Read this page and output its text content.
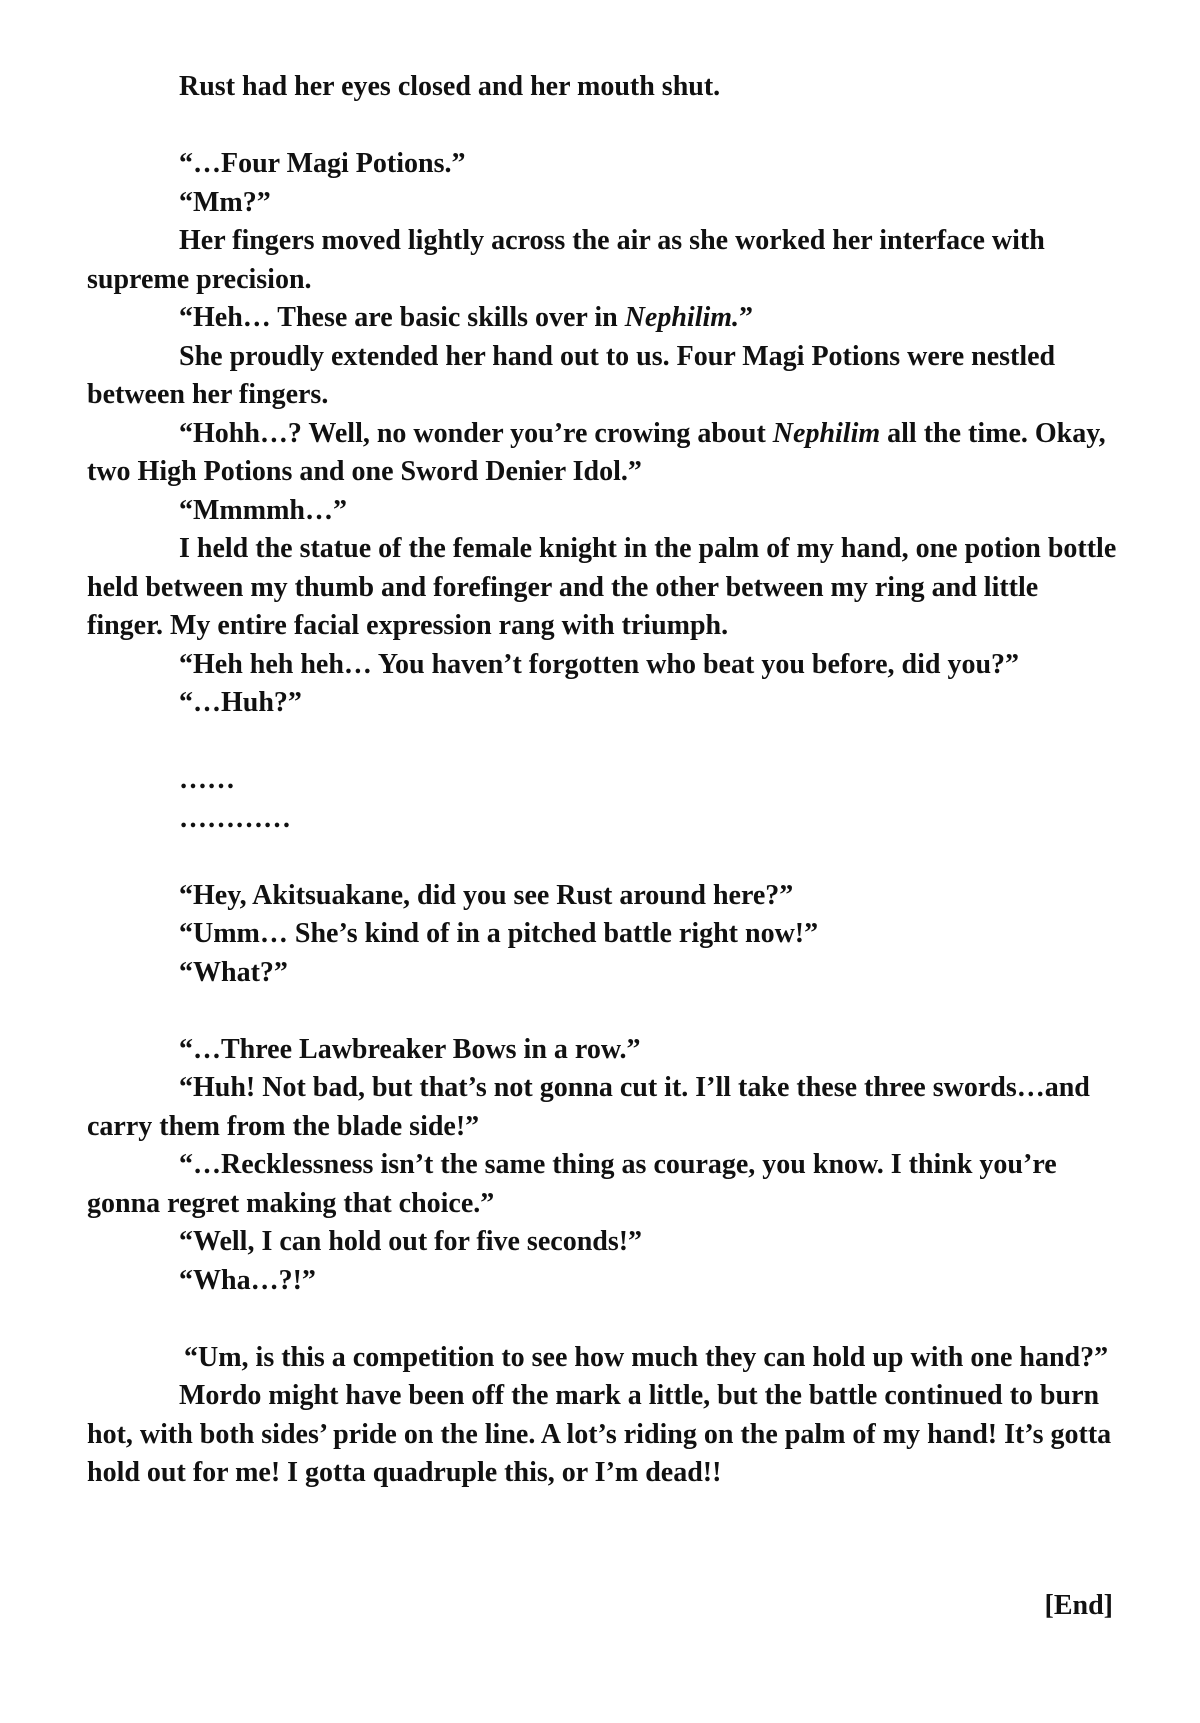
Rust had her eyes closed and her mouth shut.

“…Four Magi Potions.”

“Mm?”

Her fingers moved lightly across the air as she worked her interface with supreme precision.

“Heh… These are basic skills over in Nephilim.”

She proudly extended her hand out to us. Four Magi Potions were nestled between her fingers.

“Hohh…? Well, no wonder you’re crowing about Nephilim all the time. Okay, two High Potions and one Sword Denier Idol.”

“Mmmmh…”

I held the statue of the female knight in the palm of my hand, one potion bottle held between my thumb and forefinger and the other between my ring and little finger. My entire facial expression rang with triumph.

“Heh heh heh… You haven’t forgotten who beat you before, did you?”

“…Huh?”

……

…………

“Hey, Akitsuakane, did you see Rust around here?”

“Umm… She’s kind of in a pitched battle right now!”

“What?”

“…Three Lawbreaker Bows in a row.”

“Huh! Not bad, but that’s not gonna cut it. I’ll take these three swords…and carry them from the blade side!”

“…Recklessness isn’t the same thing as courage, you know. I think you’re gonna regret making that choice.”

“Well, I can hold out for five seconds!”

“Wha…?!”

“Um, is this a competition to see how much they can hold up with one hand?”

Mordo might have been off the mark a little, but the battle continued to burn hot, with both sides’ pride on the line. A lot’s riding on the palm of my hand! It’s gotta hold out for me! I gotta quadruple this, or I’m dead!!

[End]
